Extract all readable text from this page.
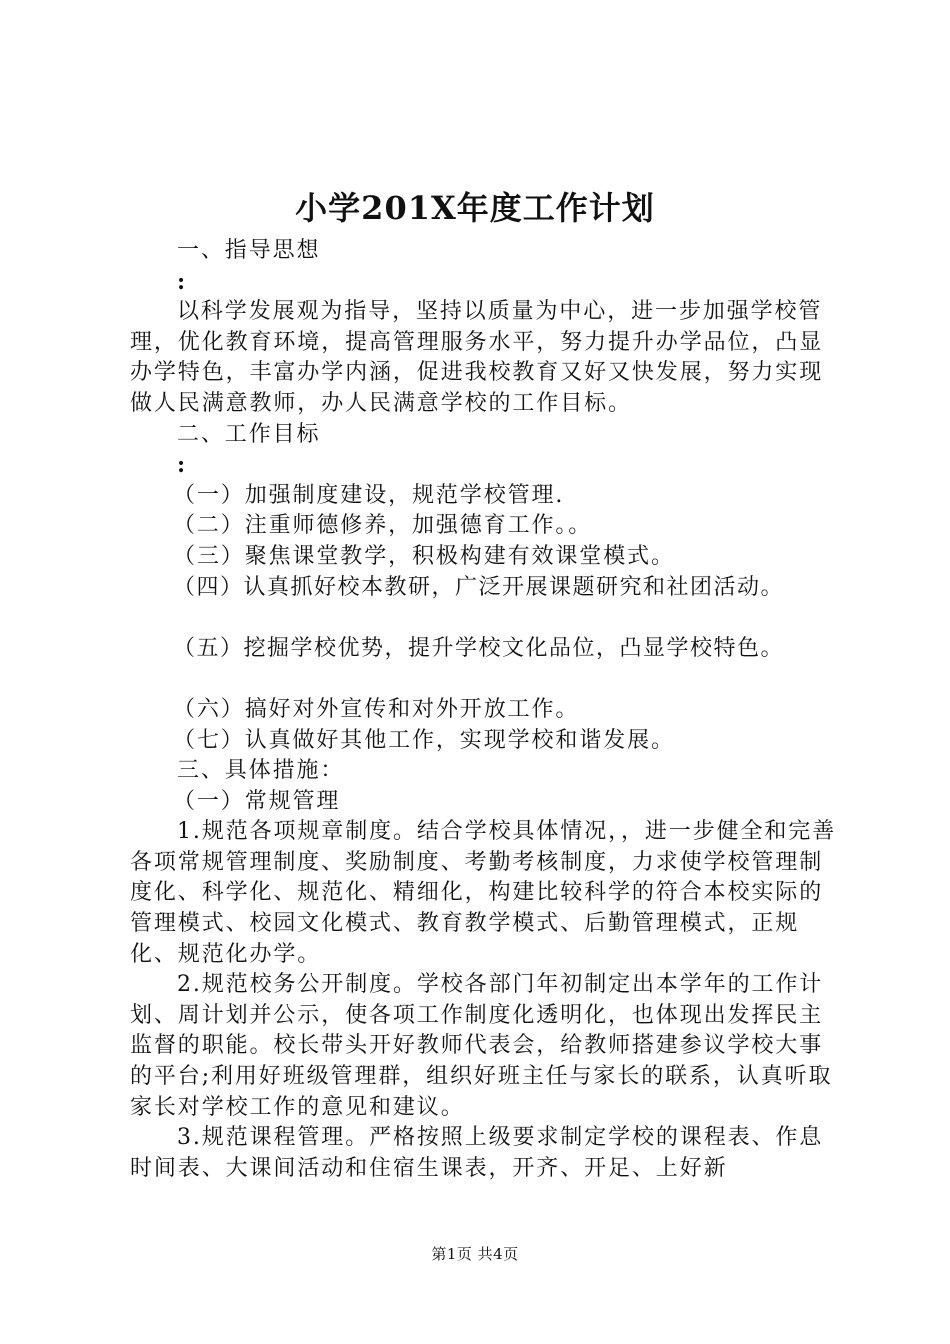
小学201X年度工作计划

一、指导思想

:

以科学发展观为指导，坚持以质量为中心，进一步加强学校管理，优化教育环境，提高管理服务水平，努力提升办学品位，凸显办学特色，丰富办学内涵，促进我校教育又好又快发展，努力实现做人民满意教师，办人民满意学校的工作目标。

二、工作目标

:

（一）加强制度建设，规范学校管理.

（二）注重师德修养，加强德育工作。。

（三）聚焦课堂教学，积极构建有效课堂模式。

（四）认真抓好校本教研，广泛开展课题研究和社团活动。

（五）挖掘学校优势，提升学校文化品位，凸显学校特色。

（六）搞好对外宣传和对外开放工作。

（七）认真做好其他工作，实现学校和谐发展。

三、具体措施：

（一）常规管理

1.规范各项规章制度。结合学校具体情况，，进一步健全和完善各项常规管理制度、奖励制度、考勤考核制度，力求使学校管理制度化、科学化、规范化、精细化，构建比较科学的符合本校实际的管理模式、校园文化模式、教育教学模式、后勤管理模式，正规化、规范化办学。

2.规范校务公开制度。学校各部门年初制定出本学年的工作计划、周计划并公示，使各项工作制度化透明化，也体现出发挥民主监督的职能。校长带头开好教师代表会，给教师搭建参议学校大事的平台;利用好班级管理群，组织好班主任与家长的联系，认真听取家长对学校工作的意见和建议。

3.规范课程管理。严格按照上级要求制定学校的课程表、作息时间表、大课间活动和住宿生课表，开齐、开足、上好新

第1页 共4页
